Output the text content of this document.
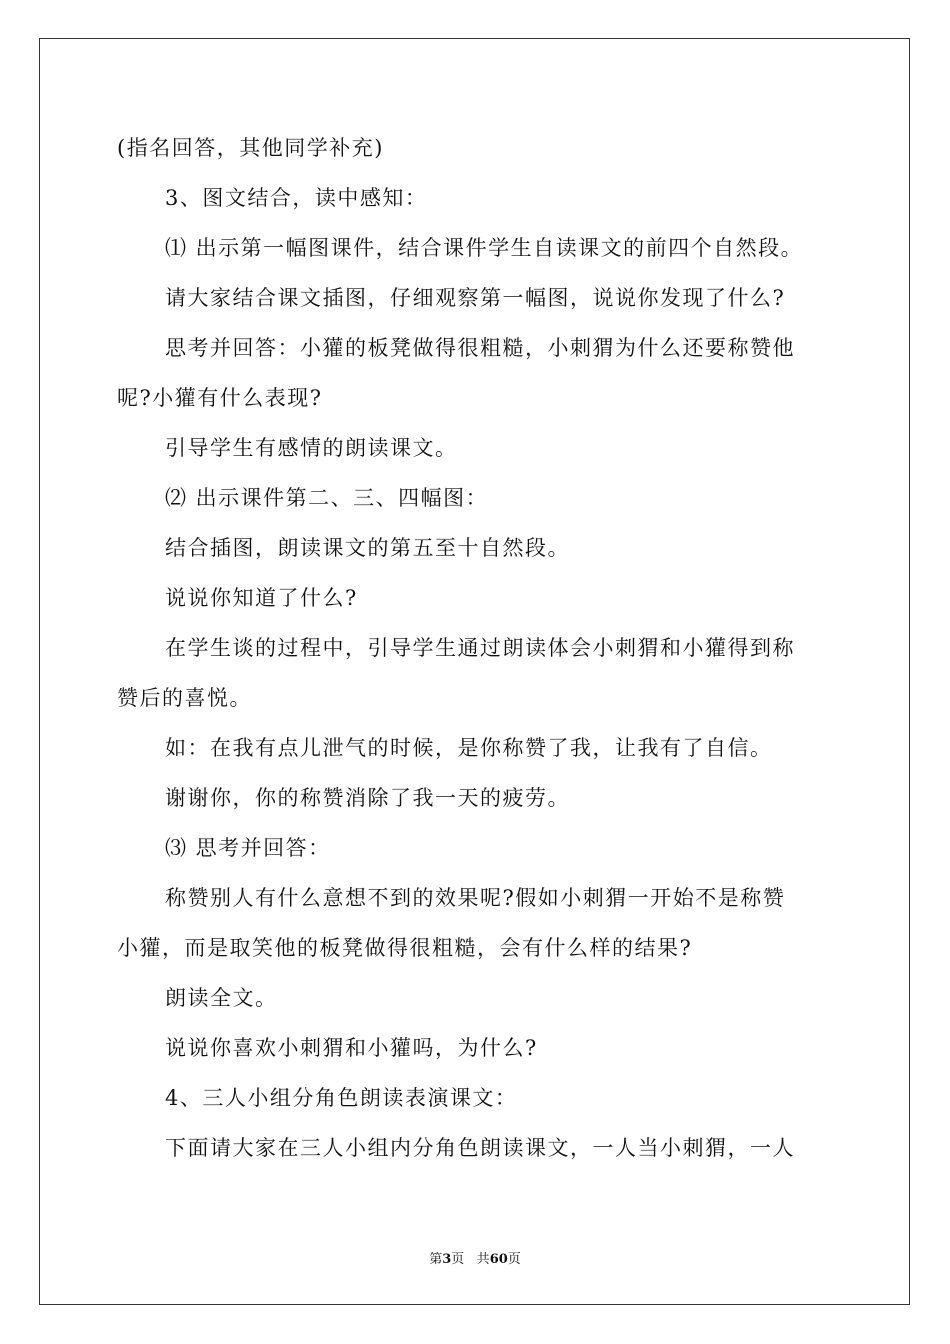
(指名回答，其他同学补充)
3、图文结合，读中感知：
⑴ 出示第一幅图课件，结合课件学生自读课文的前四个自然段。
请大家结合课文插图，仔细观察第一幅图，说说你发现了什么?
思考并回答：小獾的板凳做得很粗糙，小刺猬为什么还要称赞他
呢?小獾有什么表现?
引导学生有感情的朗读课文。
⑵ 出示课件第二、三、四幅图：
结合插图，朗读课文的第五至十自然段。
说说你知道了什么?
在学生谈的过程中，引导学生通过朗读体会小刺猬和小獾得到称
赞后的喜悦。
如：在我有点儿泄气的时候，是你称赞了我，让我有了自信。
谢谢你，你的称赞消除了我一天的疲劳。
⑶ 思考并回答：
称赞别人有什么意想不到的效果呢?假如小刺猬一开始不是称赞
小獾，而是取笑他的板凳做得很粗糙，会有什么样的结果?
朗读全文。
说说你喜欢小刺猬和小獾吗，为什么?
4、三人小组分角色朗读表演课文：
下面请大家在三人小组内分角色朗读课文，一人当小刺猬，一人
第3页 共60页
